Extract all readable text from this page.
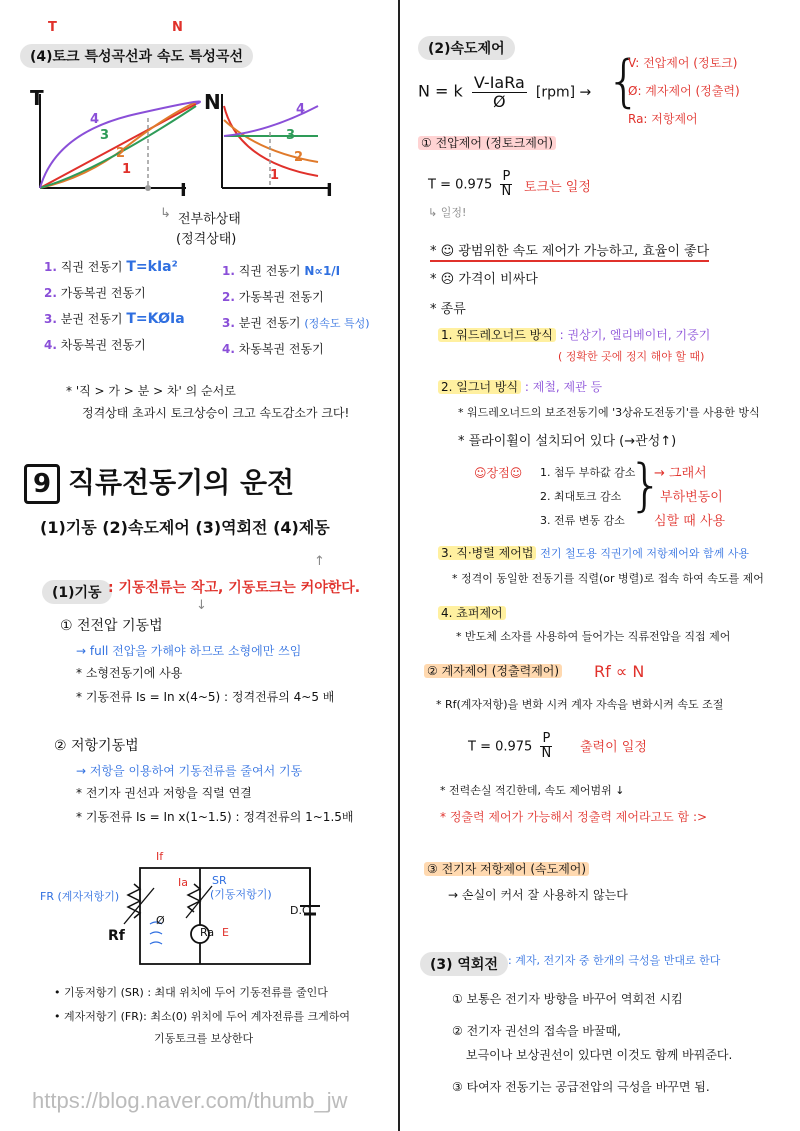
T	N
(4)토크 특성곡선과 속도 특성곡선
T
I
4
3
2
1
N
I
4
3
2
1
↳ 전부하상태
(정격상태)
1. 직권 전동기 T=kIa²
2. 가동복권 전동기
3. 분권 전동기 T=KØIa
4. 차동복권 전동기
1. 직권 전동기 N∝1/I
2. 가동복권 전동기
3. 분권 전동기 (정속도 특성)
4. 차동복권 전동기
* '직 > 가 > 분 > 차' 의 순서로
정격상태 초과시 토크상승이 크고 속도감소가 크다!
9 직류전동기의 운전
(1)기동 (2)속도제어 (3)역회전 (4)제동
↑
(1)기동 : 기동전류는 작고, 기동토크는 커야한다.
↓
① 전전압 기동법
→ full 전압을 가해야 하므로 소형에만 쓰임
* 소형전동기에 사용
* 기동전류 Is = In x(4~5) : 정격전류의 4~5 배
② 저항기동법
→ 저항을 이용하여 기동전류를 줄여서 기동
* 전기자 권선과 저항을 직렬 연결
* 기동전류 Is = In x(1~1.5) : 정격전류의 1~1.5배
If
Ia
FR (계자저항기)
SR
(기동저항기)
Rf
Ø
Ra E
D.C
• 기동저항기 (SR) : 최대 위치에 두어 기동전류를 줄인다
• 계자저항기 (FR): 최소(0) 위치에 두어 계자전류를 크게하여
기동토크를 보상한다
https://blog.naver.com/thumb_jw
(2)속도제어
N = k $\frac{\text{V-IaRa}}{Ø} [rpm]$ → {
V: 전압제어 (정토크)
Ø: 계자제어 (정출력)
Ra: 저항제어
① 전압제어 (정토크제어)
$T = 0.975 \frac{P}{N}$ 토크는 일정
↳ 일정!
* ☺ 광범위한 속도 제어가 가능하고, 효율이 좋다
* ☹ 가격이 비싸다
* 종류
1. 워드레오너드 방식 : 권상기, 엘리베이터, 기중기
( 정확한 곳에 정지 해야 할 때)
2. 일그너 방식 : 제철, 제관 등
* 워드레오너드의 보조전동기에 '3상유도전동기'를 사용한 방식
* 플라이휠이 설치되어 있다 (→관성↑)
☺장점☺ 1. 첨두 부하값 감소
2. 최대토크 감소
3. 전류 변동 감소
}
→ 그래서
부하변동이
심할 때 사용
3. 직·병렬 제어법 전기 철도용 직권기에 저항제어와 함께 사용
* 정격이 동일한 전동기를 직렬(or 병렬)로 접속 하여 속도를 제어
4. 쵸퍼제어
* 반도체 소자를 사용하여 들어가는 직류전압을 직접 제어
② 계자제어 (정출력제어) Rf ∝ N
* Rf(계자저항)을 변화 시켜 계자 자속을 변화시켜 속도 조절
$T = 0.975 \frac{P}{N}$ 출력이 일정
* 전력손실 적긴한데, 속도 제어범위 ↓
* 정출력 제어가 가능해서 정출력 제어라고도 함 :>
③ 전기자 저항제어 (속도제어)
→ 손실이 커서 잘 사용하지 않는다
(3) 역회전 : 계자, 전기자 중 한개의 극성을 반대로 한다
① 보통은 전기자 방향을 바꾸어 역회전 시킴
② 전기자 권선의 접속을 바꿀때,
보극이나 보상권선이 있다면 이것도 함께 바꿔준다.
③ 타여자 전동기는 공급전압의 극성을 바꾸면 됨.
